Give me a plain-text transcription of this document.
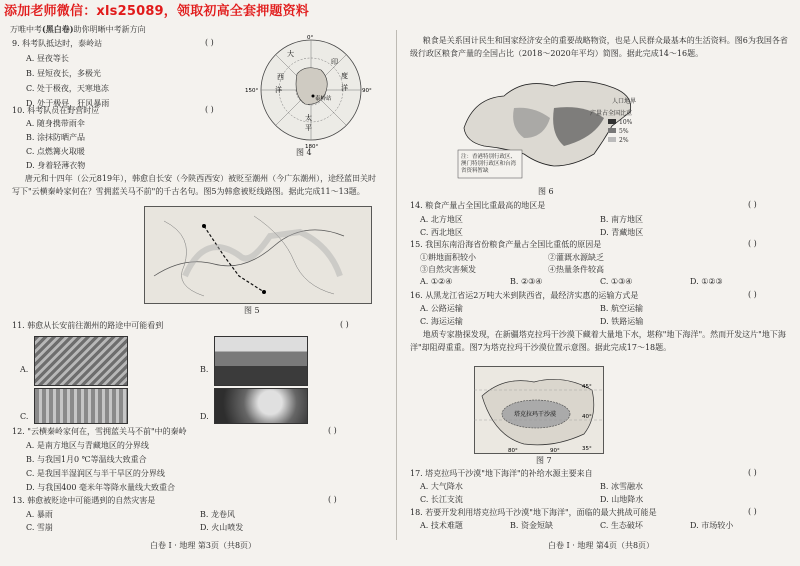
添加老师微信：xls25089，领取初高全套押题资料
万唯中考(黑白卷)助你明晰中考新方向
9. 科考队抵达时，泰岭站	( )
A. 昼夜等长
B. 昼短夜长，多极光
C. 处于极夜，天寒地冻
D. 处于极昼，狂风暴雨
大
西
洋
印
度
洋
太
平
泰岭站
0°
90°
180°
150°
图 4
10. 科考队员在野营时应	( )
A. 随身携带雨伞
B. 涂抹防晒产品
C. 点燃篝火取暖
D. 身着轻薄衣物
唐元和十四年（公元819年），韩愈自长安（今陕西西安）被贬至潮州（今广东潮州），途经蓝田关时写下"云横秦岭家何在？雪拥蓝关马不前"的千古名句。图5为韩愈被贬线路图。据此完成11～13题。
图 5
11. 韩愈从长安前往潮州的路途中可能看到	( )
A.	B.
C.	D.
12. "云横秦岭家何在，雪拥蓝关马不前"中的秦岭	( )
A. 是南方地区与青藏地区的分界线
B. 与我国1月0 ℃等温线大致重合
C. 是我国半湿润区与半干旱区的分界线
D. 与我国400 毫米年等降水量线大致重合
13. 韩愈被贬途中可能遇到的自然灾害是	( )
A. 暴雨	B. 龙卷风
C. 雪崩	D. 火山喷发
白卷 I · 地理 第3页（共8页）
粮食是关系国计民生和国家经济安全的重要战略物资，也是人民群众最基本的生活资料。图6为我国各省级行政区粮食产量的全国占比（2018～2020年平均）简图。据此完成14～16题。
注：香港特别行政区、澳门特别行政区和台湾省资料暂缺
人口地界
产量占全国比重
10%
5%
2%
图 6
14. 粮食产量占全国比重最高的地区是	( )
A. 北方地区	B. 南方地区
C. 西北地区	D. 青藏地区
15. 我国东南沿海省份粮食产量占全国比重低的原因是	( )
①耕地面积较小	②灌溉水源缺乏
③自然灾害频发	④热量条件较高
A. ①②④	B. ②③④	C. ①③④	D. ①②③
16. 从黑龙江省运2万吨大米到陕西省，最经济实惠的运输方式是	( )
A. 公路运输	B. 航空运输
C. 海运运输	D. 铁路运输
地质专家勘探发现，在新疆塔克拉玛干沙漠下藏着大量地下水，堪称"地下海洋"。然而开发这片"地下海洋"却阻碍重重。图7为塔克拉玛干沙漠位置示意图。据此完成17～18题。
塔克拉玛干沙漠
45°
40°
35°
80°	90°
图 7
17. 塔克拉玛干沙漠"地下海洋"的补给水源主要来自	( )
A. 大气降水	B. 冰雪融水
C. 长江支流	D. 山地降水
18. 若要开发利用塔克拉玛干沙漠"地下海洋"，面临的最大挑战可能是	( )
A. 技术难题	B. 资金短缺	C. 生态破坏	D. 市场较小
白卷 I · 地理 第4页（共8页）
